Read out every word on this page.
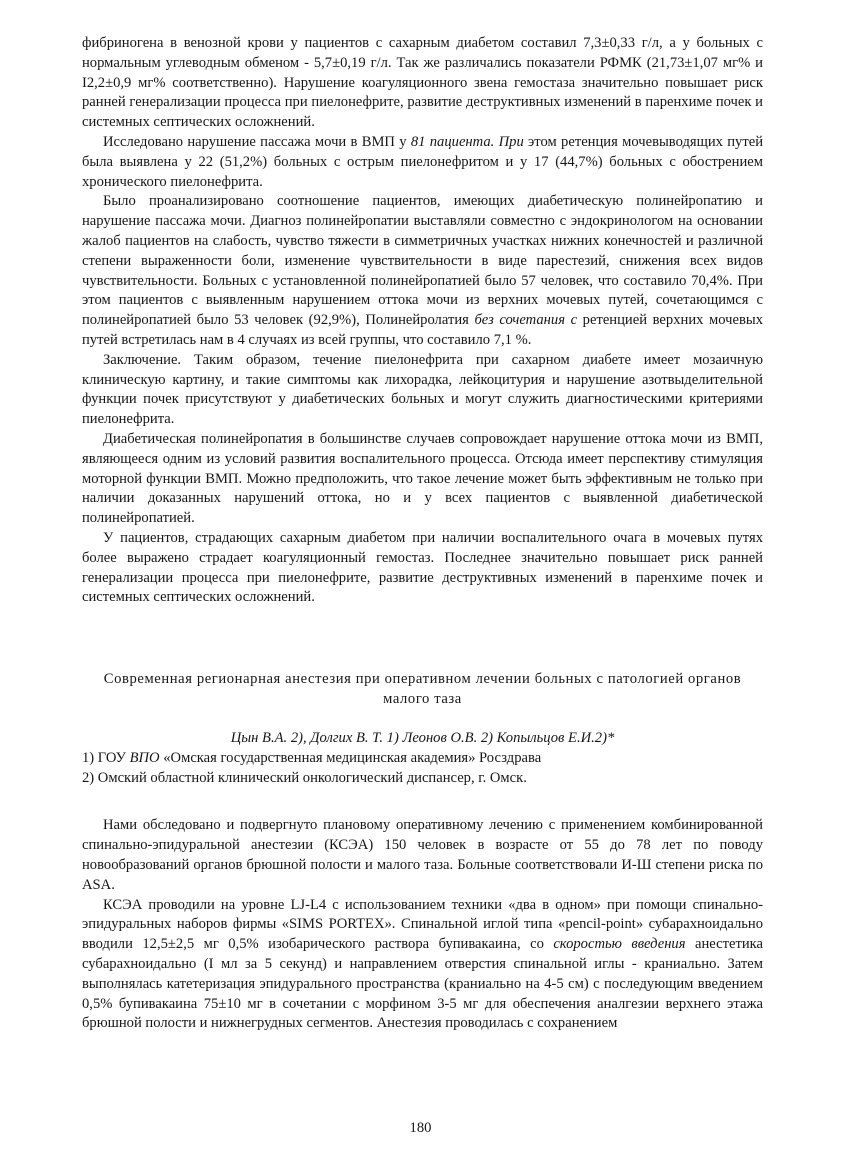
фибриногена в венозной крови у пациентов с сахарным диабетом составил 7,3±0,33 г/л, а у больных с нормальным углеводным обменом - 5,7±0,19 г/л. Так же различались показатели РФМК (21,73±1,07 мг% и I2,2±0,9 мг% соответственно). Нарушение коагуляционного звена гемостаза значительно повышает риск ранней генерализации процесса при пиелонефрите, развитие деструктивных изменений в паренхиме почек и системных септических осложнений.

Исследовано нарушение пассажа мочи в ВМП у 81 пациента. При этом ретенция мочевыводящих путей была выявлена у 22 (51,2%) больных с острым пиелонефритом и у 17 (44,7%) больных с обострением хронического пиелонефрита.

Было проанализировано соотношение пациентов, имеющих диабетическую полинейропатию и нарушение пассажа мочи. Диагноз полинейропатии выставляли совместно с эндокринологом на основании жалоб пациентов на слабость, чувство тяжести в симметричных участках нижних конечностей и различной степени выраженности боли, изменение чувствительности в виде парестезий, снижения всех видов чувствительности. Больных с установленной полинейропатией было 57 человек, что составило 70,4%. При этом пациентов с выявленным нарушением оттока мочи из верхних мочевых путей, сочетающимся с полинейропатией было 53 человек (92,9%), Полинейролатия без сочетания с ретенцией верхних мочевых путей встретилась нам в 4 случаях из всей группы, что составило 7,1 %.

Заключение. Таким образом, течение пиелонефрита при сахарном диабете имеет мозаичную клиническую картину, и такие симптомы как лихорадка, лейкоцитурия и нарушение азотвыделительной функции почек присутствуют у диабетических больных и могут служить диагностическими критериями пиелонефрита.

Диабетическая полинейропатия в большинстве случаев сопровождает нарушение оттока мочи из ВМП, являющееся одним из условий развития воспалительного процесса. Отсюда имеет перспективу стимуляция моторной функции ВМП. Можно предположить, что такое лечение может быть эффективным не только при наличии доказанных нарушений оттока, но и у всех пациентов с выявленной диабетической полинейропатией.

У пациентов, страдающих сахарным диабетом при наличии воспалительного очага в мочевых путях более выражено страдает коагуляционный гемостаз. Последнее значительно повышает риск ранней генерализации процесса при пиелонефрите, развитие деструктивных изменений в паренхиме почек и системных септических осложнений.

Современная регионарная анестезия при оперативном лечении больных с патологией органов малого таза

Цын В.А. 2), Долгих В. Т. 1) Леонов О.В. 2) Копыльцов Е.И.2)*

1) ГОУ ВПО «Омская государственная медицинская академия» Росздрава

2) Омский областной клинический онкологический диспансер, г. Омск.

Нами обследовано и подвергнуто плановому оперативному лечению с применением комбинированной спинально-эпидуральной анестезии (КСЭА) 150 человек в возрасте от 55 до 78 лет по поводу новообразований органов брюшной полости и малого таза. Больные соответствовали И-Ш степени риска по ASA.

КСЭА проводили на уровне LJ-L4 с использованием техники «два в одном» при помощи спинально-эпидуральных наборов фирмы «SIMS PORTEX». Спинальной иглой типа «pencil-point» субарахноидально вводили 12,5±2,5 мг 0,5% изобарического раствора бупивакаина, со скоростью введения анестетика субарахноидально (I мл за 5 секунд) и направлением отверстия спинальной иглы - краниально. Затем выполнялась катетеризация эпидурального пространства (краниально на 4-5 см) с последующим введением 0,5% бупивакаина 75±10 мг в сочетании с морфином 3-5 мг для обеспечения аналгезии верхнего этажа брюшной полости и нижнегрудных сегментов. Анестезия проводилась с сохранением

180
